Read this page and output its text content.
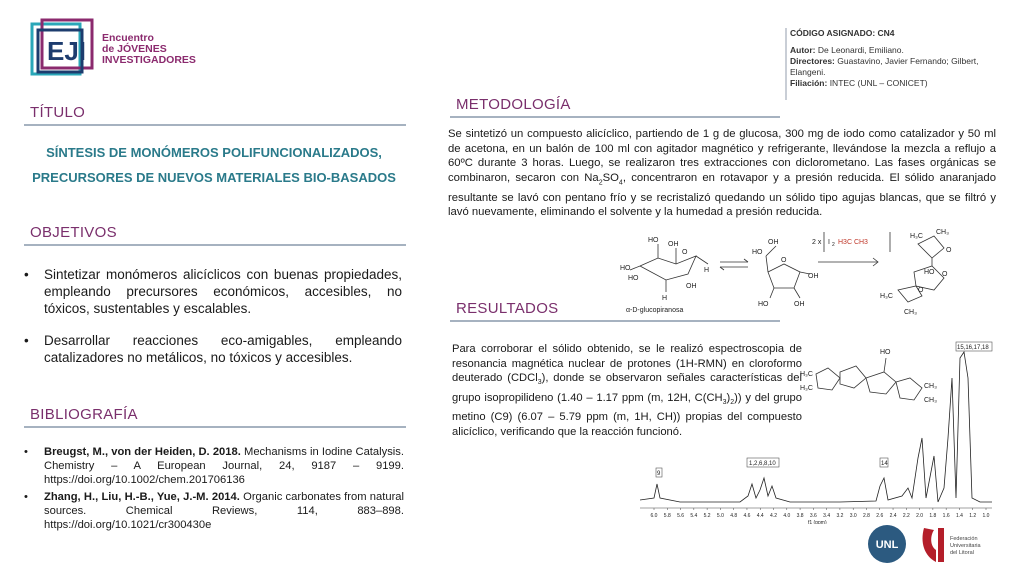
EJI Encuentro
de JÓVENES
INVESTIGADORES

CÓDIGO ASIGNADO: CN4

Autor: De Leonardi, Emiliano.

Directores: Guastavino, Javier Fernando; Gilbert, Elangeni.

Filiación: INTEC (UNL – CONICET)

TÍTULO
SÍNTESIS DE MONÓMEROS POLIFUNCIONALIZADOS, PRECURSORES DE NUEVOS MATERIALES BIO-BASADOS
OBJETIVOS
• Sintetizar monómeros alicíclicos con buenas propiedades, empleando precursores económicos, accesibles, no tóxicos, sustentables y escalables.
• Desarrollar reacciones eco-amigables, empleando catalizadores no metálicos, no tóxicos y accesibles.
BIBLIOGRAFÍA
• Breugst, M., von der Heiden, D. 2018. Mechanisms in Iodine Catalysis. Chemistry – A European Journal, 24, 9187 – 9199. https://doi.org/10.1002/chem.201706136
• Zhang, H., Liu, H.-B., Yue, J.-M. 2014. Organic carbonates from natural sources. Chemical Reviews, 114, 883–898. https://doi.org/10.1021/cr300430e
METODOLOGÍA
Se sintetizó un compuesto alicíclico, partiendo de 1 g de glucosa, 300 mg de iodo como catalizador y 50 ml de acetona, en un balón de 100 ml con agitador magnético y refrigerante, llevándose la mezcla a reflujo a 60ºC durante 3 horas. Luego, se realizaron tres extracciones con diclorometano. Las fases orgánicas se combinaron, secaron con $Na_2SO_4$, concentraron en rotavapor y a presión reducida. El sólido anaranjado resultante se lavó con pentano frío y se recristalizó quedando un sólido tipo agujas blancas, que se filtró y lavó nuevamente, eliminando el solvente y la humedad a presión reducida.
HO
OH
O
H
HO
HO
H
OH
α-D-glucopiranosa
HO
OH
O
HO	OH
OH
2 x I 2 H3C CH3
H₃C
CH₃
O
HO O
H₃C
CH₃
O
RESULTADOS
Para corroborar el sólido obtenido, se le realizó espectroscopia de resonancia magnética nuclear de protones (1H-RMN) en cloroformo deuterado (CDCl$_3$), donde se observaron señales características del grupo isopropilideno (1.40 – 1.17 ppm (m, 12H, $C(CH_3)_2$)) y del grupo metino (C9) (6.07 – 5.79 ppm (m, 1H, CH)) propias del compuesto alicíclico, verificando que la reacción funcionó.
H₃C
H₃C	CH₃
CH₃
HO
9
1,2,6,8,10	14
15,16,17,18
6.0 5.8 5.6 5.4 5.2 5.0 4.8 4.6 4.4 4.2 4.0 3.8 3.6 3.4 3.2 3.0 2.8 2.6 2.4 2.2 2.0 1.8 1.6 1.4 1.2 1.0
f1 (ppm)
UNL	Federación
Universitaria
del Litoral
